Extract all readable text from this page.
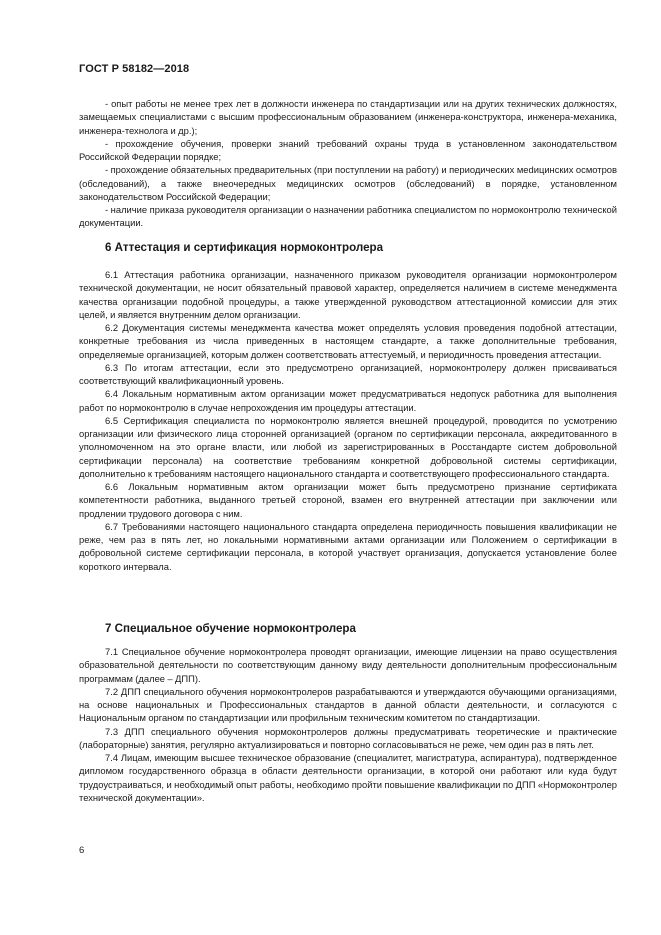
ГОСТ Р 58182—2018

- опыт работы не менее трех лет в должности инженера по стандартизации или на других технических должностях, замещаемых специалистами с высшим профессиональным образованием (инженера-конструктора, инженера-механика, инженера-технолога и др.);

- прохождение обучения, проверки знаний требований охраны труда в установленном законодательством Российской Федерации порядке;

- прохождение обязательных предварительных (при поступлении на работу) и периодических меdицинских осмотров (обследований), а также внеочередных медицинских осмотров (обследований) в порядке, установленном законодательством Российской Федерации;

- наличие приказа руководителя организации о назначении работника специалистом по нормоконтролю технической документации.

6 Аттестация и сертификация нормоконтролера

6.1 Аттестация работника организации, назначенного приказом руководителя организации нормоконтролером технической документации, не носит обязательный правовой характер, определяется наличием в системе менеджмента качества организации подобной процедуры, а также утвержденной руководством аттестационной комиссии для этих целей, и является внутренним делом организации.

6.2 Документация системы менеджмента качества может определять условия проведения подобной аттестации, конкретные требования из числа приведенных в настоящем стандарте, а также дополнительные требования, определяемые организацией, которым должен соответствовать аттестуемый, и периодичность проведения аттестации.

6.3 По итогам аттестации, если это предусмотрено организацией, нормоконтролеру должен присваиваться соответствующий квалификационный уровень.

6.4 Локальным нормативным актом организации может предусматриваться недопуск работника для выполнения работ по нормоконтролю в случае непрохождения им процедуры аттестации.

6.5 Сертификация специалиста по нормоконтролю является внешней процедурой, проводится по усмотрению организации или физического лица сторонней организацией (органом по сертификации персонала, аккредитованного в уполномоченном на это органе власти, или любой из зарегистрированных в Росстандарте систем добровольной сертификации персонала) на соответствие требованиям конкретной добровольной системы сертификации, дополнительно к требованиям настоящего национального стандарта и соответствующего профессионального стандарта.

6.6 Локальным нормативным актом организации может быть предусмотрено признание сертификата компетентности работника, выданного третьей стороной, взамен его внутренней аттестации при заключении или продлении трудового договора с ним.

6.7 Требованиями настоящего национального стандарта определена периодичность повышения квалификации не реже, чем раз в пять лет, но локальными нормативными актами организации или Положением о сертификации в добровольной системе сертификации персонала, в которой участвует организация, допускается установление более короткого интервала.

7 Специальное обучение нормоконтролера

7.1 Специальное обучение нормоконтролера проводят организации, имеющие лицензии на право осуществления образовательной деятельности по соответствующим данному виду деятельности дополнительным профессиональным программам (далее – ДПП).

7.2 ДПП специального обучения нормоконтролеров разрабатываются и утверждаются обучающими организациями, на основе национальных и Профессиональных стандартов в данной области деятельности, и согласуются с Национальным органом по стандартизации или профильным техническим комитетом по стандартизации.

7.3 ДПП специального обучения нормоконтролеров должны предусматривать теоретические и практические (лабораторные) занятия, регулярно актуализироваться и повторно согласовываться не реже, чем один раз в пять лет.

7.4 Лицам, имеющим высшее техническое образование (специалитет, магистратура, аспирантура), подтвержденное дипломом государственного образца в области деятельности организации, в которой они работают или куда будут трудоустраиваться, и необходимый опыт работы, необходимо пройти повышение квалификации по ДПП «Нормоконтролер технической документации».

6
